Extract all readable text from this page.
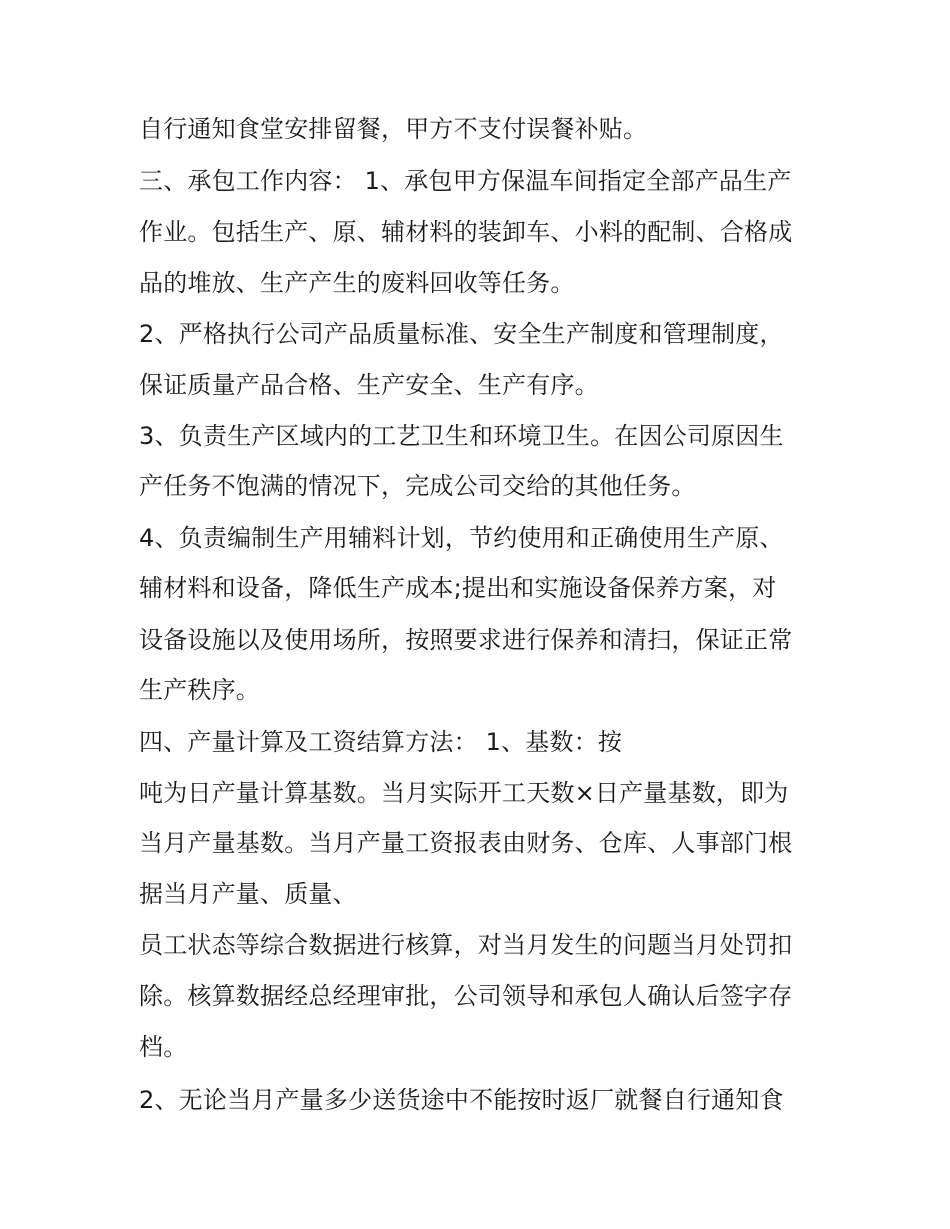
自行通知食堂安排留餐，甲方不支付误餐补贴。
三、承包工作内容： 1、承包甲方保温车间指定全部产品生产
作业。包括生产、原、辅材料的装卸车、小料的配制、合格成
品的堆放、生产产生的废料回收等任务。
2、严格执行公司产品质量标准、安全生产制度和管理制度，
保证质量产品合格、生产安全、生产有序。
3、负责生产区域内的工艺卫生和环境卫生。在因公司原因生
产任务不饱满的情况下，完成公司交给的其他任务。
4、负责编制生产用辅料计划，节约使用和正确使用生产原、
辅材料和设备，降低生产成本;提出和实施设备保养方案，对
设备设施以及使用场所，按照要求进行保养和清扫，保证正常
生产秩序。
四、产量计算及工资结算方法： 1、基数：按
吨为日产量计算基数。当月实际开工天数×日产量基数，即为
当月产量基数。当月产量工资报表由财务、仓库、人事部门根
据当月产量、质量、
员工状态等综合数据进行核算，对当月发生的问题当月处罚扣
除。核算数据经总经理审批，公司领导和承包人确认后签字存
档。
2、无论当月产量多少送货途中不能按时返厂就餐自行通知食
